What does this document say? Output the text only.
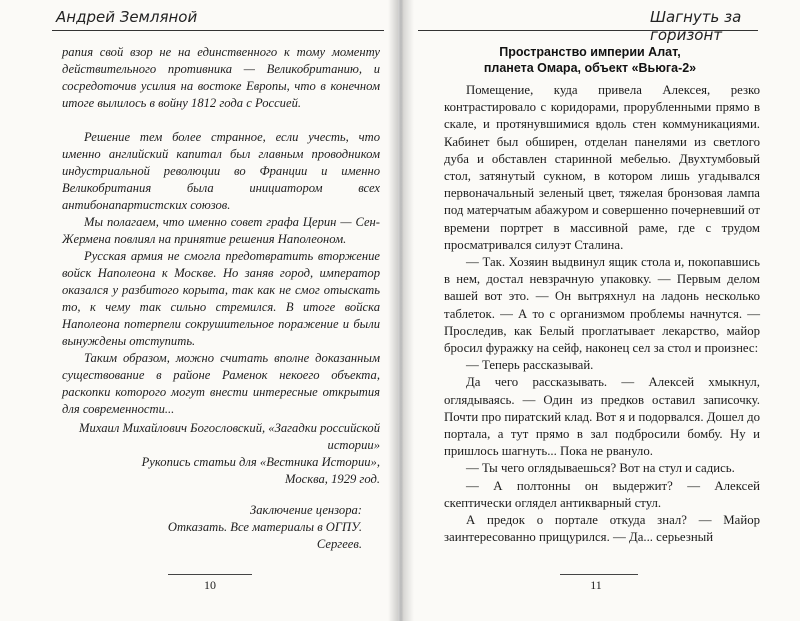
Андрей Земляной

рапия свой взор не на единственного к тому моменту действительного противника — Великобританию, и сосредоточив усилия на востоке Европы, что в конечном итоге вылилось в войну 1812 года с Россией.

Решение тем более странное, если учесть, что именно английский капитал был главным проводником индустриальной революции во Франции и именно Великобритания была инициатором всех антибонапартистских союзов.

Мы полагаем, что именно совет графа Церин — Сен-Жермена повлиял на принятие решения Наполеоном.

Русская армия не смогла предотвратить вторжение войск Наполеона к Москве. Но заняв город, император оказался у разбитого корыта, так как не смог отыскать то, к чему так сильно стремился. В итоге войска Наполеона потерпели сокрушительное поражение и были вынуждены отступить.

Таким образом, можно считать вполне доказанным существование в районе Раменок некоего объекта, раскопки которого могут внести интересные открытия для современности...

Михаил Михайлович Богословский, «Загадки российской истории»

Рукопись статьи для «Вестника Истории»,

Москва, 1929 год.

Заключение цензора:

Отказать. Все материалы в ОГПУ.

Сергеев.

10
Шагнуть за горизонт

Пространство империи Алат,

планета Омара, объект «Вьюга-2»

Помещение, куда привела Алексея, резко контрастировало с коридорами, прорубленными прямо в скале, и протянувшимися вдоль стен коммуникациями. Кабинет был обширен, отделан панелями из светлого дуба и обставлен старинной мебелью. Двухтумбовый стол, затянутый сукном, в котором лишь угадывался первоначальный зеленый цвет, тяжелая бронзовая лампа под матерчатым абажуром и совершенно почерневший от времени портрет в массивной раме, где с трудом просматривался силуэт Сталина.

— Так. Хозяин выдвинул ящик стола и, покопавшись в нем, достал невзрачную упаковку. — Первым делом вашей вот это. — Он вытряхнул на ладонь несколько таблеток. — А то с организмом проблемы начнутся. — Проследив, как Белый проглатывает лекарство, майор бросил фуражку на сейф, наконец сел за стол и произнес:

— Теперь рассказывай.

Да чего рассказывать. — Алексей хмыкнул, оглядываясь. — Один из предков оставил записочку. Почти про пиратский клад. Вот я и подорвался. Дошел до портала, а тут прямо в зал подбросили бомбу. Ну и пришлось шагнуть... Пока не рвануло.

— Ты чего оглядываешься? Вот на стул и садись.

— А полтонны он выдержит? — Алексей скептически оглядел антикварный стул.

А предок о портале откуда знал? — Майор заинтересованно прищурился. — Да... серьезный

11
